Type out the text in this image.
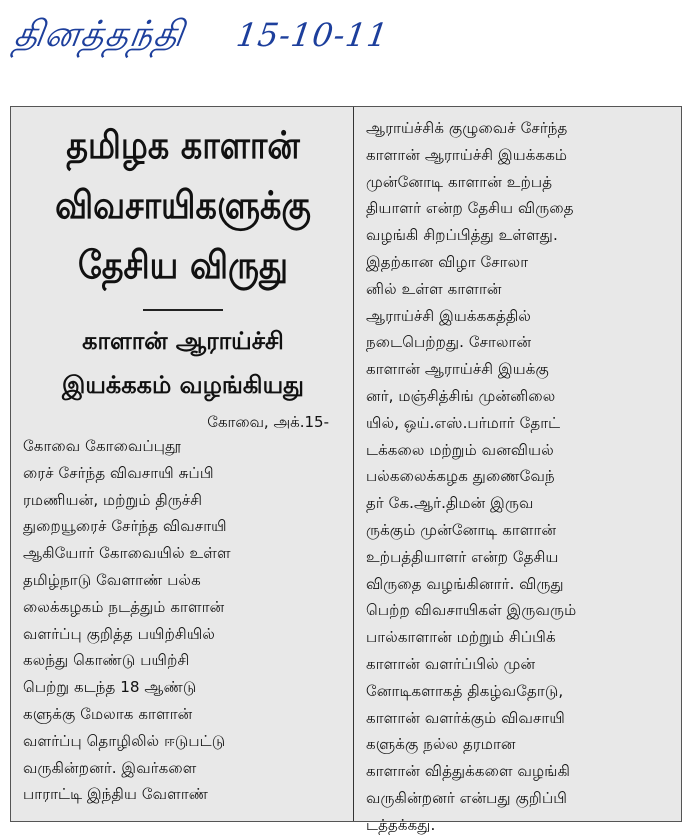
தினத்தந்தி 15-10-11

தமிழக காளான்

விவசாயிகளுக்கு

தேசிய விருது

காளான் ஆராய்ச்சி

இயக்ககம் வழங்கியது

கோவை, அக்.15-
கோவை கோவைப்புதூ
ரைச் சேர்ந்த விவசாயி சுப்பி
ரமணியன், மற்றும் திருச்சி
துறையூரைச் சேர்ந்த விவசாயி
ஆகியோர் கோவையில் உள்ள
தமிழ்நாடு வேளாண் பல்க
லைக்கழகம் நடத்தும் காளான்
வளர்ப்பு குறித்த பயிற்சியில்
கலந்து கொண்டு பயிற்சி
பெற்று கடந்த 18 ஆண்டு
களுக்கு மேலாக காளான்
வளர்ப்பு தொழிலில் ஈடுபட்டு
வருகின்றனர். இவர்களை
பாராட்டி இந்திய வேளாண்
ஆராய்ச்சிக் குழுவைச் சேர்ந்த
காளான் ஆராய்ச்சி இயக்ககம்
முன்னோடி காளான் உற்பத்
தியாளர் என்ற தேசிய விருதை
வழங்கி சிறப்பித்து உள்ளது.
இதற்கான விழா சோலா
னில் உள்ள காளான்
ஆராய்ச்சி இயக்ககத்தில்
நடைபெற்றது. சோலான்
காளான் ஆராய்ச்சி இயக்கு
னர், மஞ்சித்சிங் முன்னிலை
யில், ஒய்.எஸ்.பர்மார் தோட்
டக்கலை மற்றும் வனவியல்
பல்கலைக்கழக துணைவேந்
தர் கே.ஆர்.திமன் இருவ
ருக்கும் முன்னோடி காளான்
உற்பத்தியாளர் என்ற தேசிய
விருதை வழங்கினார். விருது
பெற்ற விவசாயிகள் இருவரும்
பால்காளான் மற்றும் சிப்பிக்
காளான் வளர்ப்பில் முன்
னோடிகளாகத் திகழ்வதோடு,
காளான் வளர்க்கும் விவசாயி
களுக்கு நல்ல தரமான
காளான் வித்துக்களை வழங்கி
வருகின்றனர் என்பது குறிப்பி
டத்தக்கது.
